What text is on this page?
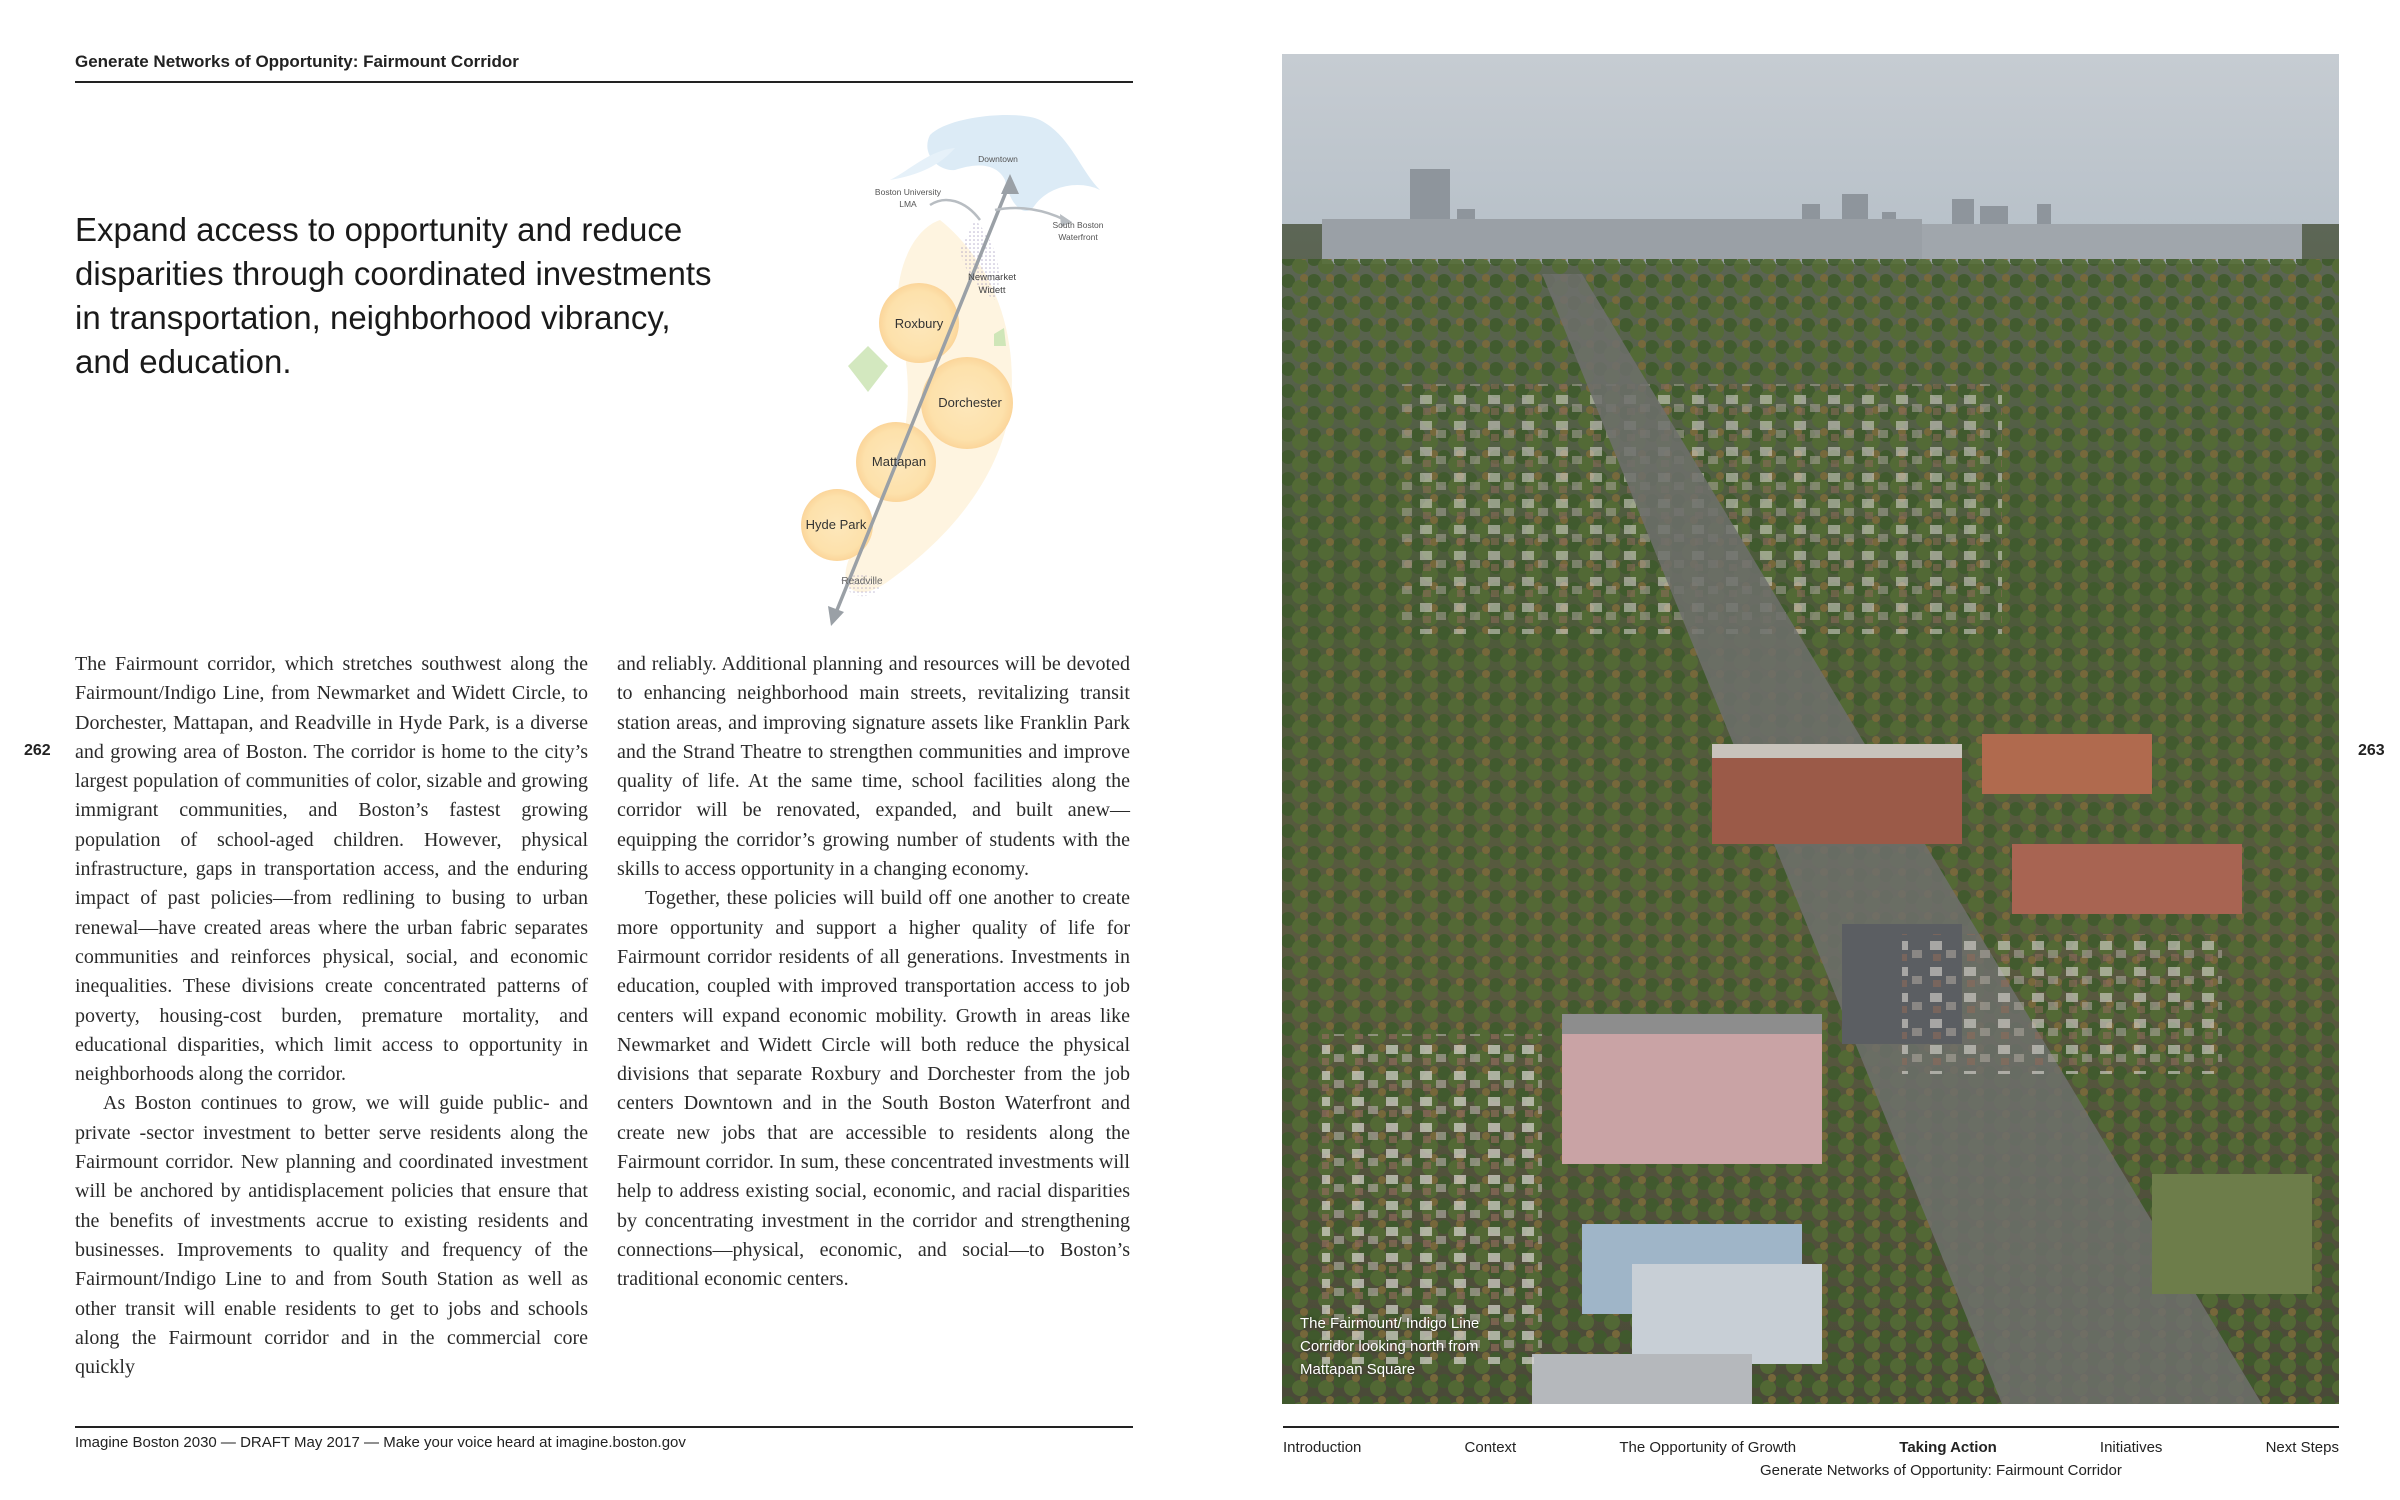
Generate Networks of Opportunity: Fairmount Corridor
Expand access to opportunity and reduce disparities through coordinated investments in transportation, neighborhood vibrancy, and education.
Downtown
Boston University
LMA
South Boston
Waterfront
Newmarket
Widett
Roxbury
Dorchester
Mattapan
Hyde Park
Readville

The Fairmount corridor, which stretches southwest along the Fairmount/Indigo Line, from Newmarket and Widett Circle, to Dorchester, Mattapan, and Readville in Hyde Park, is a diverse and growing area of Boston. The corridor is home to the city’s largest population of communities of color, sizable and growing immigrant communities, and Boston’s fastest growing population of school-aged children. However, physical infrastructure, gaps in transportation access, and the enduring impact of past policies—from redlining to busing to urban renewal—have created areas where the urban fabric separates communities and reinforces physical, social, and economic inequalities. These divisions create concentrated patterns of poverty, housing-cost burden, premature mortality, and educational disparities, which limit access to opportunity in neighborhoods along the corridor.

As Boston continues to grow, we will guide public- and private -sector investment to better serve residents along the Fairmount corridor. New planning and coordinated investment will be anchored by antidisplacement policies that ensure that the benefits of investments accrue to existing residents and businesses. Improvements to quality and frequency of the Fairmount/Indigo Line to and from South Station as well as other transit will enable residents to get to jobs and schools along the Fairmount corridor and in the commercial core quickly

and reliably. Additional planning and resources will be devoted to enhancing neighborhood main streets, revitalizing transit station areas, and improving signature assets like Franklin Park and the Strand Theatre to strengthen communities and improve quality of life. At the same time, school facilities along the corridor will be renovated, expanded, and built anew—equipping the corridor’s growing number of students with the skills to access opportunity in a changing economy.

Together, these policies will build off one another to create more opportunity and support a higher quality of life for Fairmount corridor residents of all generations. Investments in education, coupled with improved transportation access to job centers will expand economic mobility. Growth in areas like Newmarket and Widett Circle will both reduce the physical divisions that separate Roxbury and Dorchester from the job centers Downtown and in the South Boston Waterfront and create new jobs that are accessible to residents along the Fairmount corridor. In sum, these concentrated investments will help to address existing social, economic, and racial disparities by concentrating investment in the corridor and strengthening connections—physical, economic, and social—to Boston’s traditional economic centers.

262	263
Imagine Boston 2030 — DRAFT May 2017 — Make your voice heard at imagine.boston.gov
The Fairmount/ Indigo Line Corridor looking north from Mattapan Square
Introduction	Context	The Opportunity of Growth	Taking Action	Initiatives	Next Steps
Generate Networks of Opportunity: Fairmount Corridor
